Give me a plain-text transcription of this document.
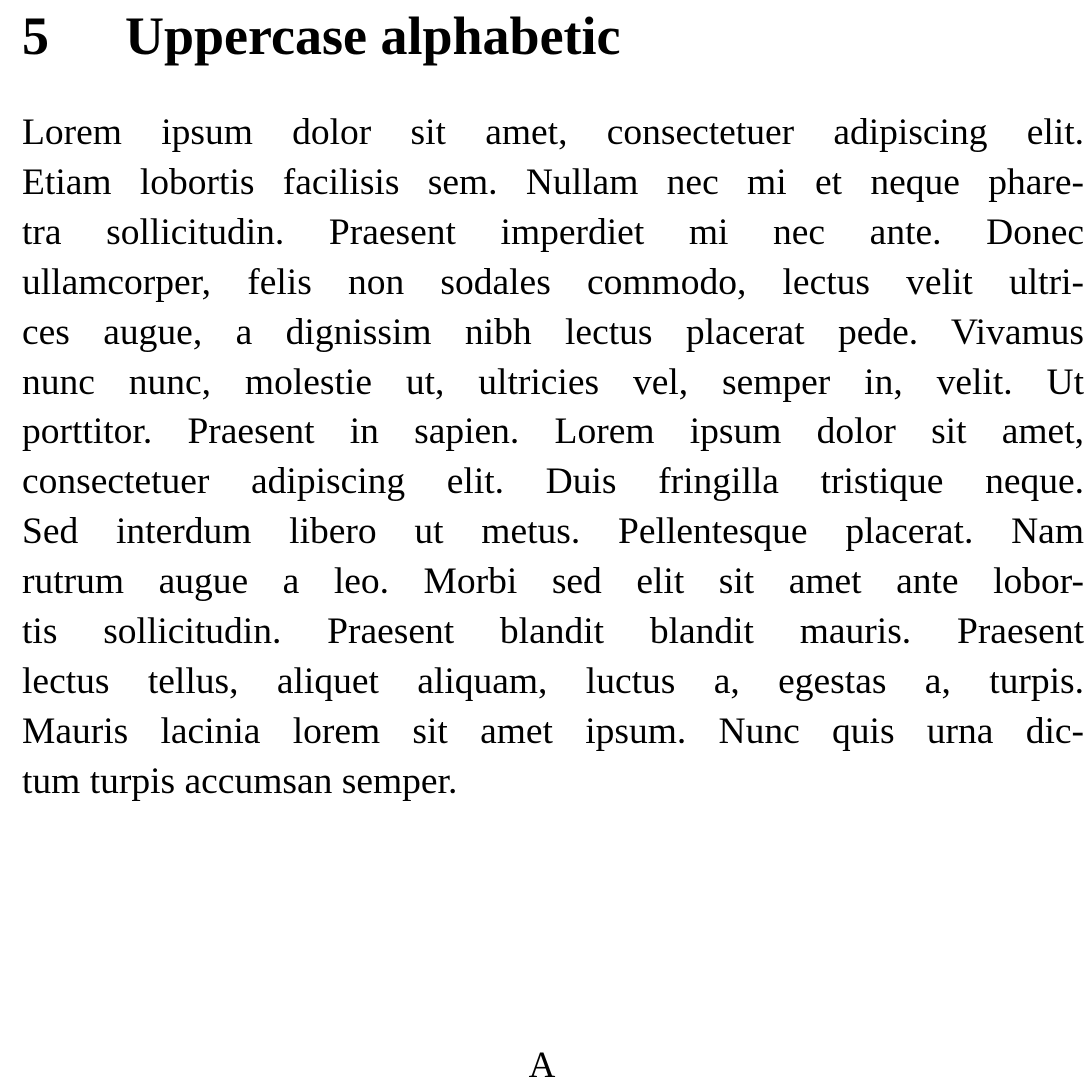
5 Uppercase alphabetic
Lorem ipsum dolor sit amet, consectetuer adipiscing elit.
Etiam lobortis facilisis sem. Nullam nec mi et neque phare-
tra sollicitudin. Praesent imperdiet mi nec ante. Donec
ullamcorper, felis non sodales commodo, lectus velit ultri-
ces augue, a dignissim nibh lectus placerat pede. Vivamus
nunc nunc, molestie ut, ultricies vel, semper in, velit. Ut
porttitor. Praesent in sapien. Lorem ipsum dolor sit amet,
consectetuer adipiscing elit. Duis fringilla tristique neque.
Sed interdum libero ut metus. Pellentesque placerat. Nam
rutrum augue a leo. Morbi sed elit sit amet ante lobor-
tis sollicitudin. Praesent blandit blandit mauris. Praesent
lectus tellus, aliquet aliquam, luctus a, egestas a, turpis.
Mauris lacinia lorem sit amet ipsum. Nunc quis urna dic-
tum turpis accumsan semper.
A
